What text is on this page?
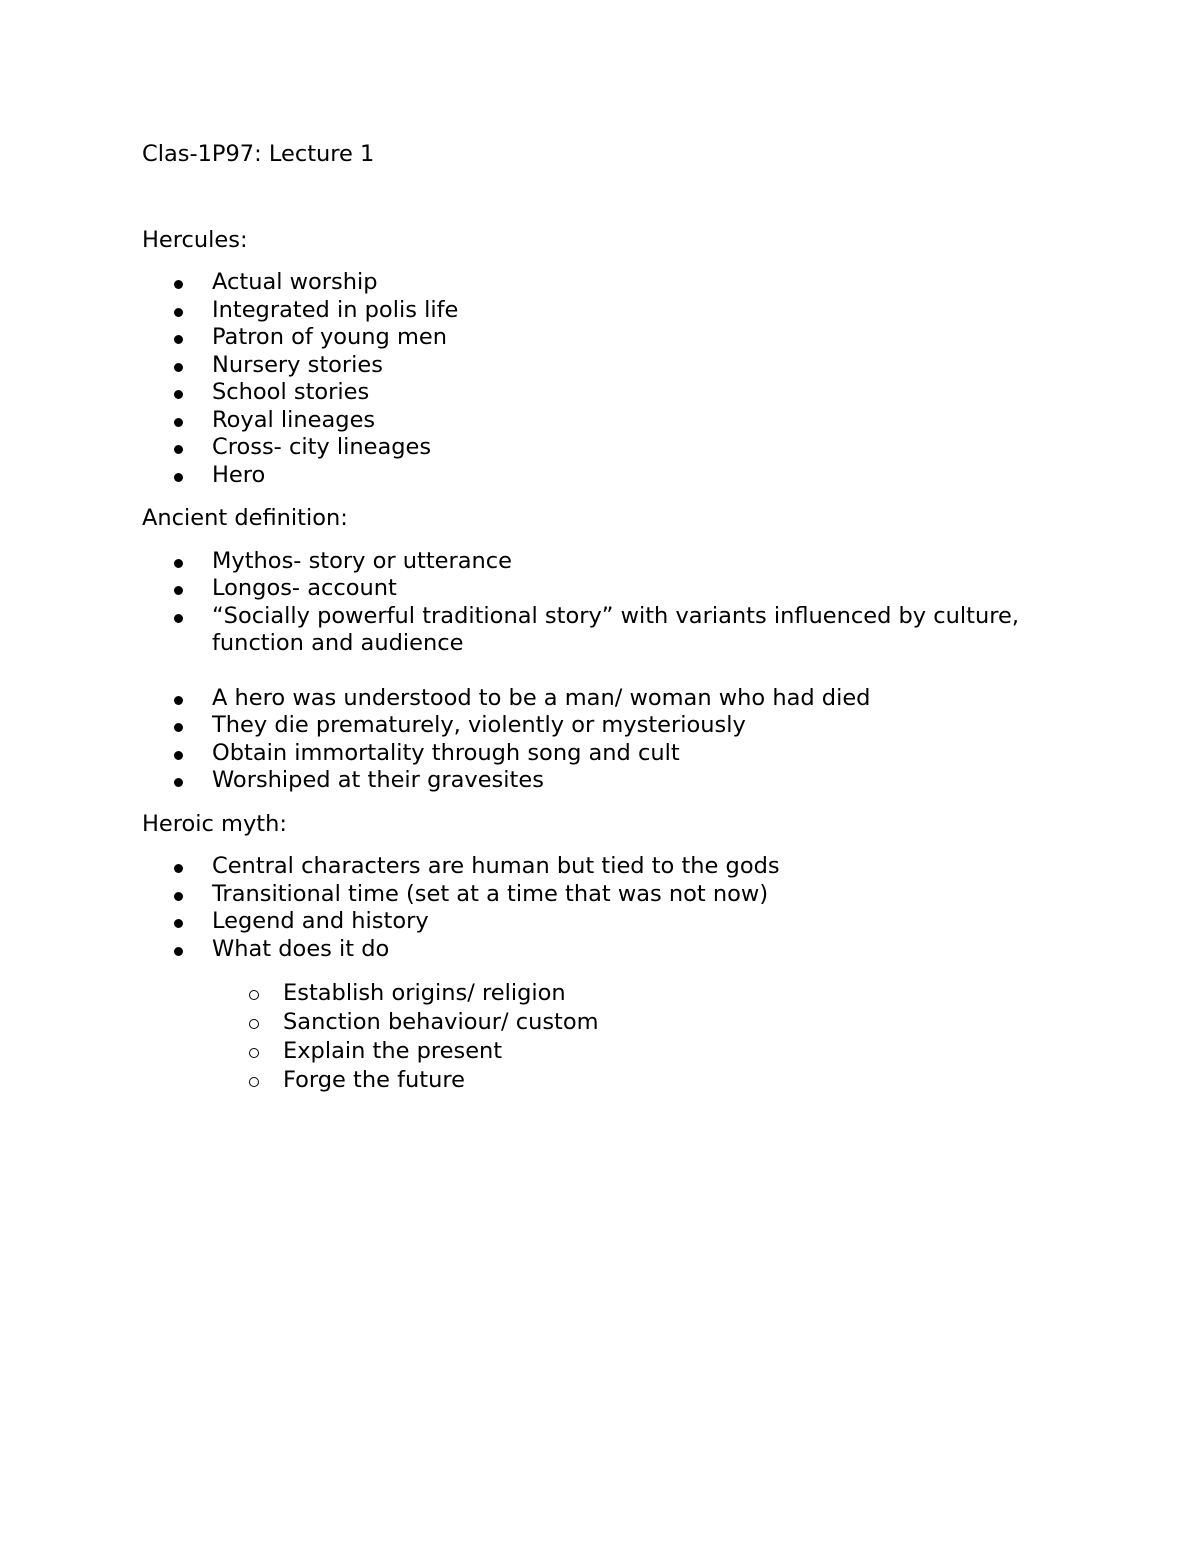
Clas-1P97: Lecture 1

Hercules:

Actual worship
Integrated in polis life
Patron of young men
Nursery stories
School stories
Royal lineages
Cross- city lineages
Hero

Ancient definition:

Mythos- story or utterance
Longos- account
“Socially powerful traditional story” with variants influenced by culture, function and audience
A hero was understood to be a man/ woman who had died
They die prematurely, violently or mysteriously
Obtain immortality through song and cult
Worshiped at their gravesites

Heroic myth:

Central characters are human but tied to the gods
Transitional time (set at a time that was not now)
Legend and history
What does it do
Establish origins/ religion
Sanction behaviour/ custom
Explain the present
Forge the future
